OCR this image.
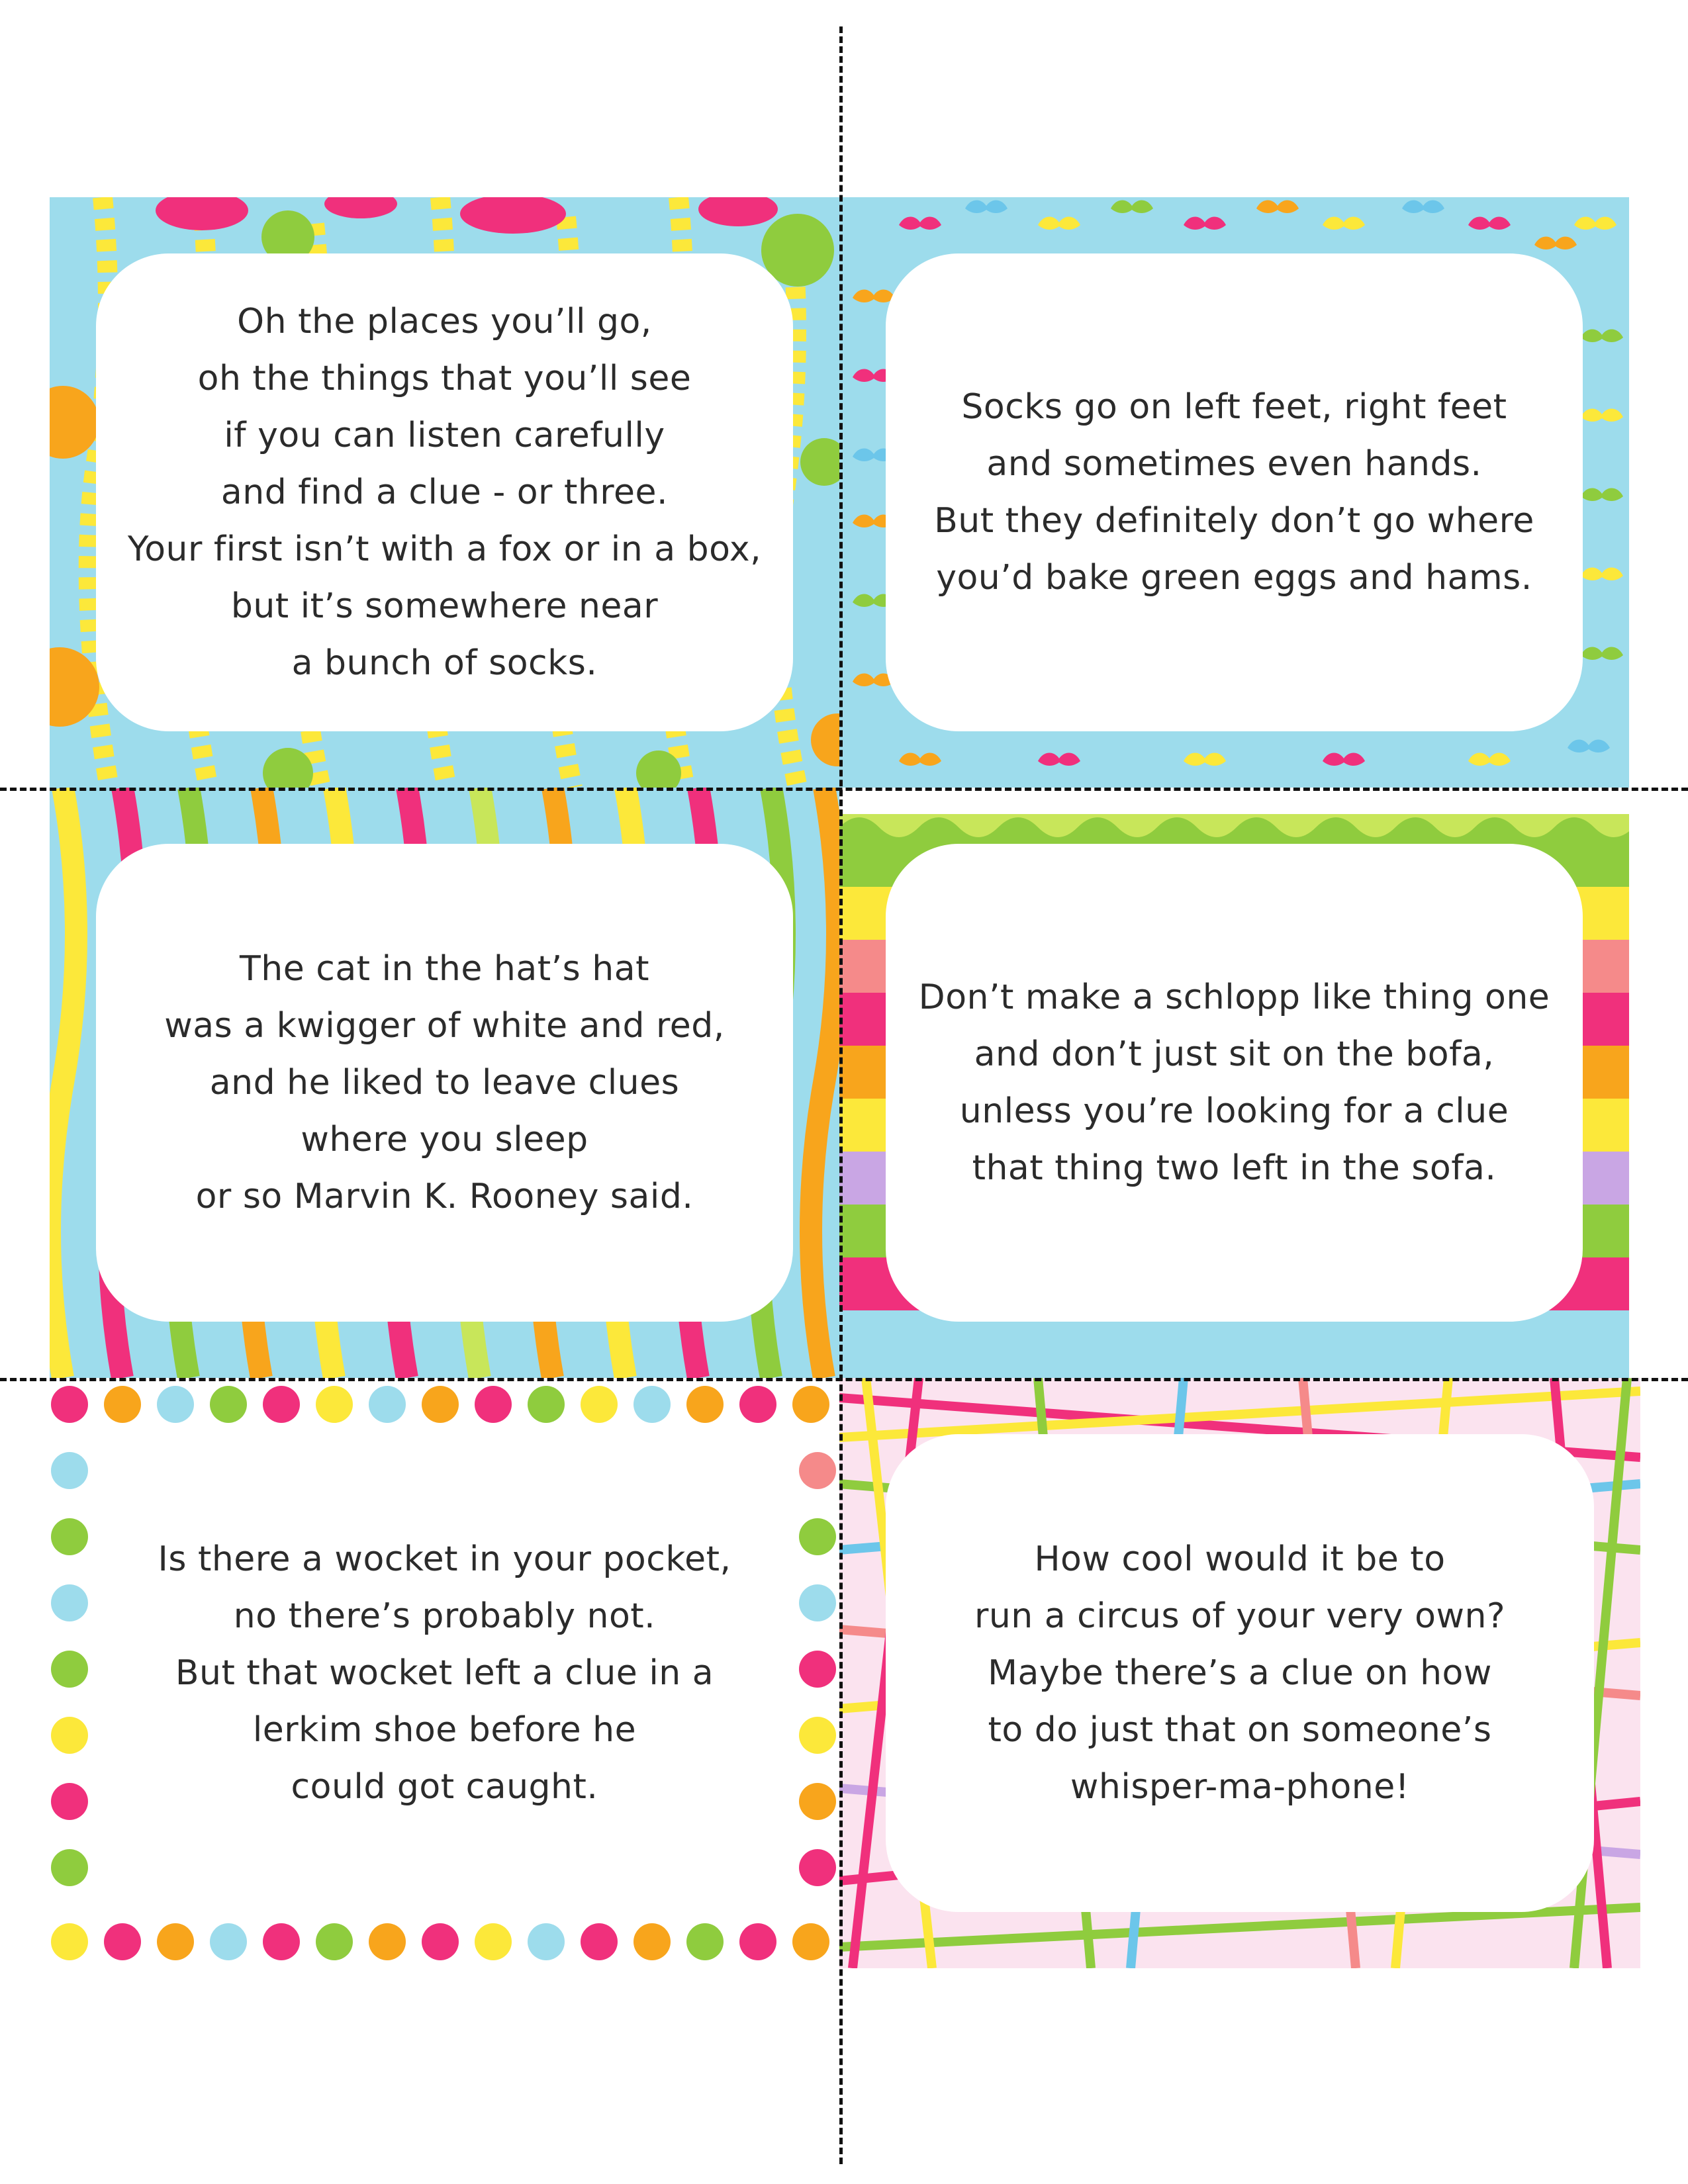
Oh the places you’ll go,
oh the things that you’ll see
if you can listen carefully
and find a clue - or three.
Your first isn’t with a fox or in a box,
but it’s somewhere near
a bunch of socks.

Socks go on left feet, right feet
and sometimes even hands.
But they definitely don’t go where
you’d bake green eggs and hams.

The cat in the hat’s hat
was a kwigger of white and red,
and he liked to leave clues
where you sleep
or so Marvin K. Rooney said.

Don’t make a schlopp like thing one
and don’t just sit on the bofa,
unless you’re looking for a clue
that thing two left in the sofa.

Is there a wocket in your pocket,
no there’s probably not.
But that wocket left a clue in a
lerkim shoe before he
could got caught.

How cool would it be to
run a circus of your very own?
Maybe there’s a clue on how
to do just that on someone’s
whisper-ma-phone!
